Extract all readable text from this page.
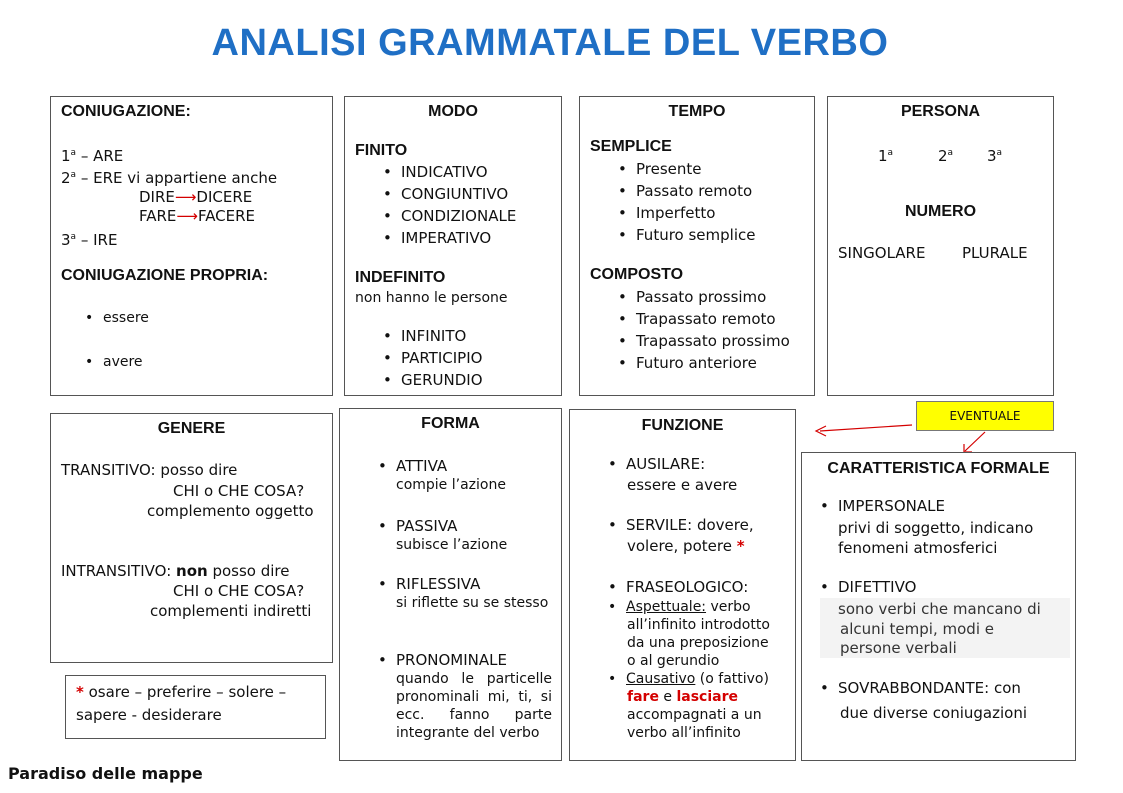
ANALISI GRAMMATALE DEL VERBO
CONIUGAZIONE:
1$^a$ – ARE
2$^a$ – ERE vi appartiene anche
DIRE⟶DICERE
FARE⟶FACERE
3$^a$ – IRE
CONIUGAZIONE PROPRIA:
• essere
• avere
MODO
FINITO
• INDICATIVO
• CONGIUNTIVO
• CONDIZIONALE
• IMPERATIVO
INDEFINITO
non hanno le persone
• INFINITO
• PARTICIPIO
• GERUNDIO
TEMPO
SEMPLICE
• Presente
• Passato remoto
• Imperfetto
• Futuro semplice
COMPOSTO
• Passato prossimo
• Trapassato remoto
• Trapassato prossimo
• Futuro anteriore
PERSONA
1$^a$	2$^a$ 3$^a$
NUMERO
SINGOLARE PLURALE
GENERE
TRANSITIVO: posso dire
CHI o CHE COSA?
complemento oggetto
INTRANSITIVO: non posso dire
CHI o CHE COSA?
complementi indiretti
* osare – preferire – solere –
sapere - desiderare
FORMA
• ATTIVA
compie l’azione
• PASSIVA
subisce l’azione
• RIFLESSIVA
si riflette su se stesso
• PRONOMINALE
quando le particelle pronominali mi, ti, si ecc. fanno parte integrante del verbo
FUNZIONE
• AUSILARE:
essere e avere
• SERVILE: dovere,
volere, potere *
• FRASEOLOGICO:
• Aspettuale: verbo
all’infinito introdotto
da una preposizione
o al gerundio
• Causativo (o fattivo)
fare e lasciare
accompagnati a un
verbo all’infinito
EVENTUALE
CARATTERISTICA FORMALE
• IMPERSONALE
privi di soggetto, indicano
fenomeni atmosferici
• DIFETTIVO
sono verbi che mancano di
alcuni tempi, modi e
persone verbali
• SOVRABBONDANTE: con
due diverse coniugazioni
Paradiso delle mappe
